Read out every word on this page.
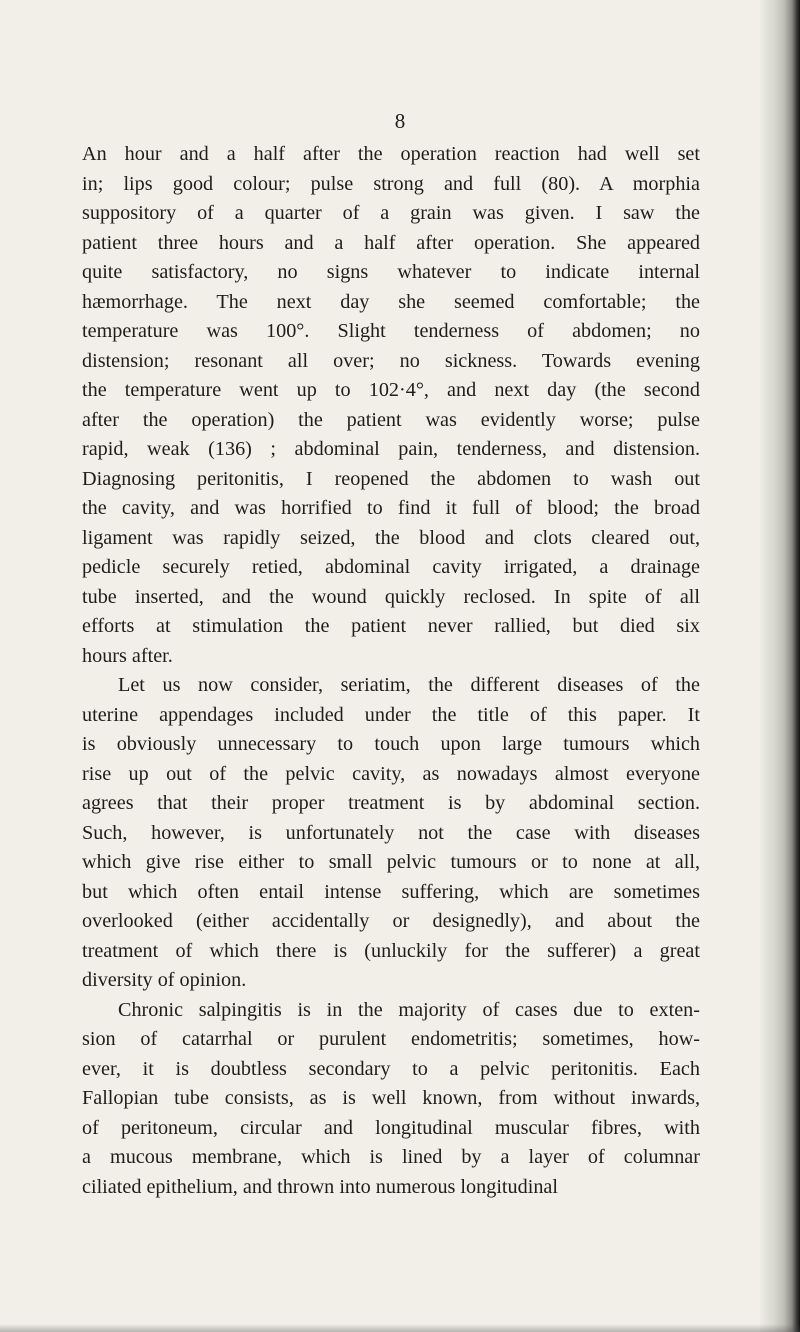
8
An hour and a half after the operation reaction had well set
in; lips good colour; pulse strong and full (80). A morphia
suppository of a quarter of a grain was given. I saw the
patient three hours and a half after operation. She appeared
quite satisfactory, no signs whatever to indicate internal
hæmorrhage. The next day she seemed comfortable; the
temperature was 100°. Slight tenderness of abdomen; no
distension; resonant all over; no sickness. Towards evening
the temperature went up to 102·4°, and next day (the second
after the operation) the patient was evidently worse; pulse
rapid, weak (136) ; abdominal pain, tenderness, and distension.
Diagnosing peritonitis, I reopened the abdomen to wash out
the cavity, and was horrified to find it full of blood; the broad
ligament was rapidly seized, the blood and clots cleared out,
pedicle securely retied, abdominal cavity irrigated, a drainage
tube inserted, and the wound quickly reclosed. In spite of all
efforts at stimulation the patient never rallied, but died six
hours after.
Let us now consider, seriatim, the different diseases of the
uterine appendages included under the title of this paper. It
is obviously unnecessary to touch upon large tumours which
rise up out of the pelvic cavity, as nowadays almost everyone
agrees that their proper treatment is by abdominal section.
Such, however, is unfortunately not the case with diseases
which give rise either to small pelvic tumours or to none at all,
but which often entail intense suffering, which are sometimes
overlooked (either accidentally or designedly), and about the
treatment of which there is (unluckily for the sufferer) a great
diversity of opinion.
Chronic salpingitis is in the majority of cases due to exten-
sion of catarrhal or purulent endometritis; sometimes, how-
ever, it is doubtless secondary to a pelvic peritonitis. Each
Fallopian tube consists, as is well known, from without inwards,
of peritoneum, circular and longitudinal muscular fibres, with
a mucous membrane, which is lined by a layer of columnar
ciliated epithelium, and thrown into numerous longitudinal
